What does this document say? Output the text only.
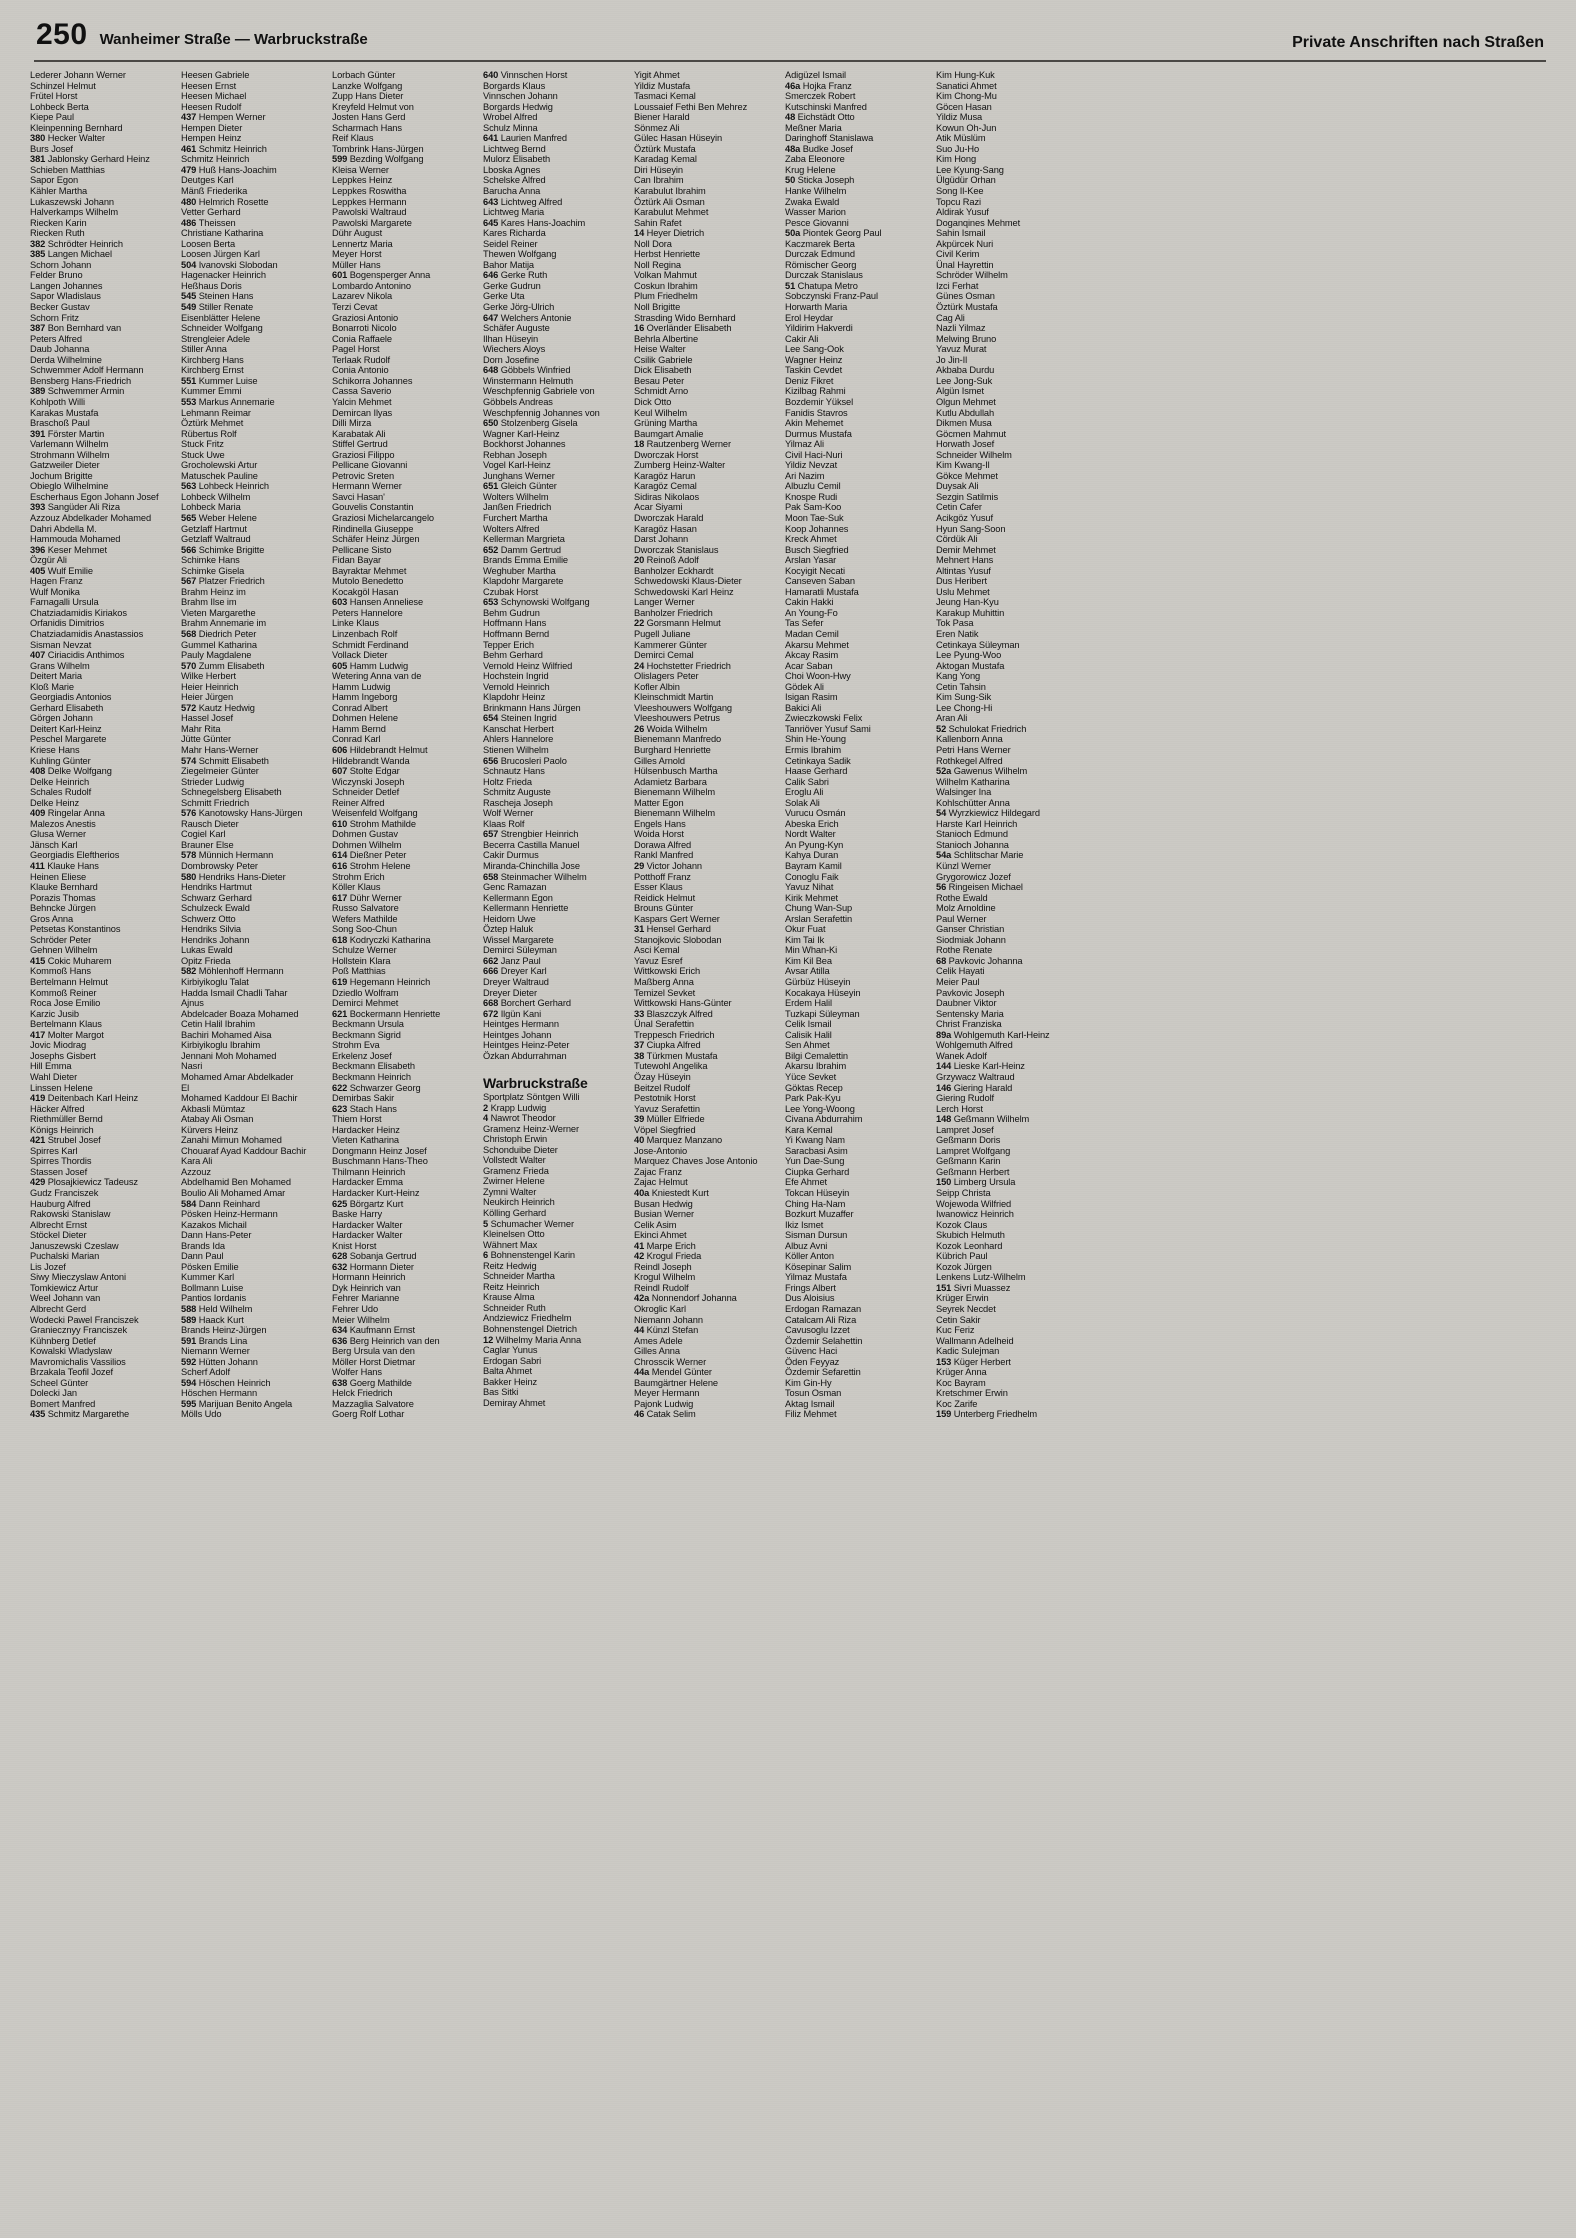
250 Wanheimer Straße — Warbruckstraße	Private Anschriften nach Straßen
Lederer Johann Werner
Schinzel Helmut
Frütel Horst
Lohbeck Berta
Kiepe Paul
Kleinpenning Bernhard
380 Hecker Walter
Burs Josef
381 Jablonsky Gerhard Heinz
Schieben Matthias
Sapor Egon
Kähler Martha
Lukaszewski Johann
Halverkamps Wilhelm
Riecken Karin
Riecken Ruth
382 Schrödter Heinrich
385 Langen Michael
Schorn Johann
Felder Bruno
Langen Johannes
Sapor Wladislaus
Becker Gustav
Schorn Fritz
387 Bon Bernhard van
Peters Alfred
Daub Johanna
Derda Wilhelmine
Schwemmer Adolf Hermann
Bensberg Hans-Friedrich
389 Schwemmer Armin
Kohlpoth Willi
Karakas Mustafa
Braschoß Paul
391 Förster Martin
Varlemann Wilhelm
Strohmann Wilhelm
Gatzweiler Dieter
Jochum Brigitte
Obieglo Wilhelmine
Escherhaus Egon Johann Josef
393 Sangüder Ali Riza
Azzouz Abdelkader Mohamed
Dahri Abdella M.
Hammouda Mohamed
396 Keser Mehmet
Özgür Ali
405 Wulf Emilie
Hagen Franz
Wulf Monika
Farnagalli Ursula
Chatziadamidis Kiriakos
Orfanidis Dimitrios
Chatziadamidis Anastassios
Sisman Nevzat
407 Ciriacidis Anthimos
Grans Wilhelm
Deitert Maria
Kloß Marie
Georgiadis Antonios
Gerhard Elisabeth
Görgen Johann
Deitert Karl-Heinz
Peschel Margarete
Kriese Hans
Kuhling Günter
408 Delke Wolfgang
Delke Heinrich
Schales Rudolf
Delke Heinz
409 Ringelar Anna
Malezos Anestis
Glusa Werner
Jänsch Karl
Georgiadis Eleftherios
411 Klauke Hans
Heinen Eliese
Klauke Bernhard
Porazis Thomas
Behncke Jürgen
Gros Anna
Petsetas Konstantinos
Schröder Peter
Gehnen Wilhelm
415 Cokic Muharem
Kommoß Hans
Bertelmann Helmut
Kommoß Reiner
Roca Jose Emilio
Karzic Jusib
Bertelmann Klaus
417 Molter Margot
Jovic Miodrag
Josephs Gisbert
Hill Emma
Wahl Dieter
Linssen Helene
419 Deitenbach Karl Heinz
Häcker Alfred
Riethmüller Bernd
Königs Heinrich
421 Strubel Josef
Spirres Karl
Spirres Thordis
Stassen Josef
429 Plosajkiewicz Tadeusz
Gudz Franciszek
Hauburg Alfred
Rakowski Stanislaw
Albrecht Ernst
Stöckel Dieter
Januszewski Czeslaw
Puchalski Marian
Lis Jozef
Siwy Mieczyslaw Antoni
Tomkiewicz Artur
Weel Johann van
Albrecht Gerd
Wodecki Pawel Franciszek
Graniecznyy Franciszek
Kühnberg Detlef
Kowalski Wladyslaw
Mavromichalis Vassilios
Brzakala Teofil Jozef
Scheel Günter
Dolecki Jan
Bomert Manfred
435 Schmitz Margarethe
Heesen Gabriele
Heesen Ernst
Heesen Michael
Heesen Rudolf
437 Hempen Werner
Hempen Dieter
Hempen Heinz
461 Schmitz Heinrich
Schmitz Heinrich
479 Huß Hans-Joachim
Deutges Karl
Mänß Friederika
480 Helmrich Rosette
Vetter Gerhard
486 Theissen
Christiane Katharina
Loosen Berta
Loosen Jürgen Karl
504 Ivanovski Slobodan
Hagenacker Heinrich
Heßhaus Doris
545 Steinen Hans
549 Stiller Renate
Eisenblätter Helene
Schneider Wolfgang
Strengleier Adele
Stiller Anna
Kirchberg Hans
Kirchberg Ernst
551 Kummer Luise
Kummer Emmi
553 Markus Annemarie
Lehmann Reimar
Öztürk Mehmet
Rübertus Rolf
Stuck Fritz
Stuck Uwe
Grocholewski Artur
Matuschek Pauline
563 Lohbeck Heinrich
Lohbeck Wilhelm
Lohbeck Maria
565 Weber Helene
Getzlaff Hartmut
Getzlaff Waltraud
566 Schimke Brigitte
Schimke Hans
Schimke Gisela
567 Platzer Friedrich
Brahm Heinz im
Brahm Ilse im
Vieten Margarethe
Brahm Annemarie im
568 Diedrich Peter
Gummel Katharina
Pauly Magdalene
570 Zumm Elisabeth
Wilke Herbert
Heier Heinrich
Heier Jürgen
572 Kautz Hedwig
Hassel Josef
Mahr Rita
Jütte Günter
Mahr Hans-Werner
574 Schmitt Elisabeth
Ziegelmeier Günter
Strieder Ludwig
Schnegelsberg Elisabeth
Schmitt Friedrich
576 Kanotowsky Hans-Jürgen
Rausch Dieter
Cogiel Karl
Brauner Else
578 Münnich Hermann
Dombrowsky Peter
580 Hendriks Hans-Dieter
Hendriks Hartmut
Schwarz Gerhard
Schulzeck Ewald
Schwerz Otto
Hendriks Silvia
Hendriks Johann
Lukas Ewald
Opitz Frieda
582 Möhlenhoff Hermann
Kirbiyikoglu Talat
Hadda Ismail Chadli Tahar
Ajnus
Abdelcader Boaza Mohamed
Cetin Halil Ibrahim
Bachiri Mohamed Aisa
Kirbiyikoglu Ibrahim
Jennani Moh Mohamed
Nasri
Mohamed Amar Abdelkader
El
Mohamed Kaddour El Bachir
Akbasli Mümtaz
Atabay Ali Osman
Kürvers Heinz
Zanahi Mimun Mohamed
Chouaraf Ayad Kaddour Bachir
Kara Ali
Azzouz
Abdelhamid Ben Mohamed
Boulio Ali Mohamed Amar
584 Dann Reinhard
Pösken Heinz-Hermann
Kazakos Michail
Dann Hans-Peter
Brands Ida
Dann Paul
Pösken Emilie
Kummer Karl
Bollmann Luise
Pantios Iordanis
588 Held Wilhelm
589 Haack Kurt
Brands Heinz-Jürgen
591 Brands Lina
Niemann Werner
592 Hütten Johann
Scherf Adolf
594 Höschen Heinrich
Höschen Hermann
595 Marijuan Benito Angela
Mölls Udo
Lorbach Günter
Lanzke Wolfgang
Zupp Hans Dieter
Kreyfeld Helmut von
Josten Hans Gerd
Scharmach Hans
Reif Klaus
Tombrink Hans-Jürgen
599 Bezding Wolfgang
Kleisa Werner
Leppkes Heinz
Leppkes Roswitha
Leppkes Hermann
Pawolski Waltraud
Pawolski Margarete
Dühr August
Lennertz Maria
Meyer Horst
Müller Hans
601 Bogensperger Anna
Lombardo Antonino
Lazarev Nikola
Terzi Cevat
Graziosi Antonio
Bonarroti Nicolo
Conia Raffaele
Pagel Horst
Terlaak Rudolf
Conia Antonio
Schikorra Johannes
Cassa Saverio
Yalcin Mehmet
Demircan Ilyas
Dilli Mirza
Karabatak Ali
Stiffel Gertrud
Graziosi Filippo
Pellicane Giovanni
Petrovic Sreten
Hermann Werner
Savci Hasan'
Gouvelis Constantin
Graziosi Michelarcangelo
Rindinella Giuseppe
Schäfer Heinz Jürgen
Pellicane Sisto
Fidan Bayar
Bayraktar Mehmet
Mutolo Benedetto
Kocakgöl Hasan
603 Hansen Anneliese
Peters Hannelore
Linke Klaus
Linzenbach Rolf
Schmidt Ferdinand
Vollack Dieter
605 Hamm Ludwig
Wetering Anna van de
Hamm Ludwig
Hamm Ingeborg
Conrad Albert
Dohmen Helene
Hamm Bernd
Conrad Karl
606 Hildebrandt Helmut
Hildebrandt Wanda
607 Stolte Edgar
Wiczynski Joseph
Schneider Detlef
Reiner Alfred
Weisenfeld Wolfgang
610 Strohm Mathilde
Dohmen Gustav
Dohmen Wilhelm
614 Dießner Peter
616 Strohm Helene
Strohm Erich
Köller Klaus
617 Dühr Werner
Russo Salvatore
Wefers Mathilde
Song Soo-Chun
618 Kodryczki Katharina
Schulze Werner
Hollstein Klara
Poß Matthias
619 Hegemann Heinrich
Dziedlo Wolfram
Demirci Mehmet
621 Bockermann Henriette
Beckmann Ursula
Beckmann Sigrid
Strohm Eva
Erkelenz Josef
Beckmann Elisabeth
Beckmann Heinrich
622 Schwarzer Georg
Demirbas Sakir
623 Stach Hans
Thiem Horst
Hardacker Heinz
Vieten Katharina
Dongmann Heinz Josef
Buschmann Hans-Theo
Thilmann Heinrich
Hardacker Emma
Hardacker Kurt-Heinz
625 Börgartz Kurt
Baske Harry
Hardacker Walter
Hardacker Walter
Knist Horst
628 Sobanja Gertrud
632 Hormann Dieter
Hormann Heinrich
Dyk Heinrich van
Fehrer Marianne
Fehrer Udo
Meier Wilhelm
634 Kaufmann Ernst
636 Berg Heinrich van den
Berg Ursula van den
Möller Horst Dietmar
Wolfer Hans
638 Goerg Mathilde
Helck Friedrich
Mazzaglia Salvatore
Goerg Rolf Lothar
640 Vinnschen Horst
Borgards Klaus
Vinnschen Johann
Borgards Hedwig
Wrobel Alfred
Schulz Minna
641 Laurien Manfred
Lichtweg Bernd
Mulorz Elisabeth
Lboska Agnes
Schelske Alfred
Barucha Anna
643 Lichtweg Alfred
Lichtweg Maria
645 Kares Hans-Joachim
Kares Richarda
Seidel Reiner
Thewen Wolfgang
Bahor Matija
646 Gerke Ruth
Gerke Gudrun
Gerke Uta
Gerke Jörg-Ulrich
647 Welchers Antonie
Schäfer Auguste
Ilhan Hüseyin
Wiechers Aloys
Dorn Josefine
648 Göbbels Winfried
Winstermann Helmuth
Weschpfennig Gabriele von
Göbbels Andreas
Weschpfennig Johannes von
650 Stolzenberg Gisela
Wagner Karl-Heinz
Bockhorst Johannes
Rebhan Joseph
Vogel Karl-Heinz
Junghans Werner
651 Gleich Günter
Wolters Wilhelm
Janßen Friedrich
Furchert Martha
Wolters Alfred
Kellerman Margrieta
652 Damm Gertrud
Brands Emma Emilie
Weghuber Martha
Klapdohr Margarete
Czubak Horst
653 Schynowski Wolfgang
Behm Gudrun
Hoffmann Hans
Hoffmann Bernd
Tepper Erich
Behm Gerhard
Vernold Heinz Wilfried
Hochstein Ingrid
Vernold Heinrich
Klapdohr Heinz
Brinkmann Hans Jürgen
654 Steinen Ingrid
Kanschat Herbert
Ahlers Hannelore
Stienen Wilhelm
656 Brucosleri Paolo
Schnautz Hans
Holtz Frieda
Schmitz Auguste
Rascheja Joseph
Wolf Werner
Klaas Rolf
657 Strengbier Heinrich
Becerra Castilla Manuel
Cakir Durmus
Miranda-Chinchilla Jose
658 Steinmacher Wilhelm
Genc Ramazan
Kellermann Egon
Kellermann Henriette
Heidorn Uwe
Öztep Haluk
Wissel Margarete
Demirci Süleyman
662 Janz Paul
666 Dreyer Karl
Dreyer Waltraud
Dreyer Dieter
668 Borchert Gerhard
672 Ilgün Kani
Heintges Hermann
Heintges Johann
Heintges Heinz-Peter
Özkan Abdurrahman
Warbruckstraße
Sportplatz Söntgen Willi
2 Krapp Ludwig
4 Nawrot Theodor
Gramenz Heinz-Werner
Christoph Erwin
Schonduibe Dieter
Vollstedt Walter
Gramenz Frieda
Zwirner Helene
Zymni Walter
Neukirch Heinrich
Kölling Gerhard
5 Schumacher Werner
Kleinelsen Otto
Wähnert Max
6 Bohnenstengel Karin
Reitz Hedwig
Schneider Martha
Reitz Heinrich
Krause Alma
Schneider Ruth
Andziewicz Friedhelm
Bohnenstengel Dietrich
12 Wilhelmy Maria Anna
Caglar Yunus
Erdogan Sabri
Balta Ahmet
Bakker Heinz
Bas Sitki
Demiray Ahmet
Yigit Ahmet
Yildiz Mustafa
Tasmaci Kemal
Loussaief Fethi Ben Mehrez
Biener Harald
Sönmez Ali
Gülec Hasan Hüseyin
Öztürk Mustafa
Karadag Kemal
Diri Hüseyin
Can Ibrahim
Karabulut Ibrahim
Öztürk Ali Osman
Karabulut Mehmet
Sahin Rafet
14 Heyer Dietrich
Noll Dora
Herbst Henriette
Noll Regina
Volkan Mahmut
Coskun Ibrahim
Plum Friedhelm
Noll Brigitte
Strasding Wido Bernhard
16 Overländer Elisabeth
Behrla Albertine
Heise Walter
Csilik Gabriele
Dick Elisabeth
Besau Peter
Schmidt Arno
Dick Otto
Keul Wilhelm
Grüning Martha
Baumgart Amalie
18 Rautzenberg Werner
Dworczak Horst
Zumberg Heinz-Walter
Karagöz Harun
Karagöz Cemal
Sidiras Nikolaos
Acar Siyami
Dworczak Harald
Karagöz Hasan
Darst Johann
Dworczak Stanislaus
20 Reinoß Adolf
Banholzer Eckhardt
Schwedowski Klaus-Dieter
Schwedowski Karl Heinz
Langer Werner
Banholzer Friedrich
22 Gorsmann Helmut
Pugell Juliane
Kammerer Günter
Demirci Cemal
24 Hochstetter Friedrich
Olislagers Peter
Kofler Albin
Kleinschmidt Martin
Vleeshouwers Wolfgang
Vleeshouwers Petrus
26 Woida Wilhelm
Bienemann Manfredo
Burghard Henriette
Gilles Arnold
Hülsenbusch Martha
Adamietz Barbara
Bienemann Wilhelm
Matter Egon
Bienemann Wilhelm
Engels Hans
Woida Horst
Dorawa Alfred
Rankl Manfred
29 Victor Johann
Potthoff Franz
Esser Klaus
Reidick Helmut
Brouns Günter
Kaspars Gert Werner
31 Hensel Gerhard
Stanojkovic Slobodan
Asci Kemal
Yavuz Esref
Wittkowski Erich
Maßberg Anna
Temizel Sevket
Wittkowski Hans-Günter
33 Blaszczyk Alfred
Ünal Serafettin
Treppesch Friedrich
37 Ciupka Alfred
38 Türkmen Mustafa
Tutewohl Angelika
Özay Hüseyin
Beitzel Rudolf
Pestotnik Horst
Yavuz Serafettin
39 Müller Elfriede
Vöpel Siegfried
40 Marquez Manzano
Jose-Antonio
Marquez Chaves Jose Antonio
Zajac Franz
Zajac Helmut
40a Kniestedt Kurt
Busan Hedwig
Busian Werner
Celik Asim
Ekinci Ahmet
41 Marpe Erich
42 Krogul Frieda
Reindl Joseph
Krogul Wilhelm
Reindl Rudolf
42a Nonnendorf Johanna
Okroglic Karl
Niemann Johann
44 Künzl Stefan
Ames Adele
Gilles Anna
Chrosscik Werner
44a Mendel Günter
Baumgärtner Helene
Meyer Hermann
Pajonk Ludwig
46 Catak Selim
Adigüzel Ismail
46a Hojka Franz
Smerczek Robert
Kutschinski Manfred
48 Eichstädt Otto
Meßner Maria
Daringhoff Stanislawa
48a Budke Josef
Zaba Eleonore
Krug Helene
50 Sticka Joseph
Hanke Wilhelm
Zwaka Ewald
Wasser Marion
Pesce Giovanni
50a Piontek Georg Paul
Kaczmarek Berta
Durczak Edmund
Römischer Georg
Durczak Stanislaus
51 Chatupa Metro
Sobczynski Franz-Paul
Horwarth Maria
Erol Heydar
Yildirim Hakverdi
Cakir Ali
Lee Sang-Ook
Wagner Heinz
Taskin Cevdet
Deniz Fikret
Kizilbag Rahmi
Bozdemir Yüksel
Fanidis Stavros
Akin Mehemet
Durmus Mustafa
Yilmaz Ali
Civil Haci-Nuri
Yildiz Nevzat
Ari Nazim
Albuzlu Cemil
Knospe Rudi
Pak Sam-Koo
Moon Tae-Suk
Koop Johannes
Kreck Ahmet
Busch Siegfried
Arslan Yasar
Kocyigit Necati
Canseven Saban
Hamaratli Mustafa
Cakin Hakki
An Young-Fo
Tas Sefer
Madan Cemil
Akarsu Mehmet
Akcay Rasim
Acar Saban
Choi Woon-Hwy
Gödek Ali
Isigan Rasim
Bakici Ali
Zwieczkowski Felix
Tanriöver Yusuf Sami
Shin He-Young
Ermis Ibrahim
Cetinkaya Sadik
Haase Gerhard
Calik Sabri
Eroglu Ali
Solak Ali
Vurucu Osmán
Abeska Erich
Nordt Walter
An Pyung-Kyn
Kahya Duran
Bayram Kamil
Conoglu Faik
Yavuz Nihat
Kirik Mehmet
Chung Wan-Sup
Arslan Serafettin
Okur Fuat
Kim Tai Ik
Min Whan-Ki
Kim Kil Bea
Avsar Atilla
Gürbüz Hüseyin
Kocakaya Hüseyin
Erdem Halil
Tuzkapi Süleyman
Celik Ismail
Calisik Halil
Sen Ahmet
Bilgi Cemalettin
Akarsu Ibrahim
Yüce Sevket
Göktas Recep
Park Pak-Kyu
Lee Yong-Woong
Civana Abdurrahim
Kara Kemal
Yi Kwang Nam
Saracbasi Asim
Yun Dae-Sung
Ciupka Gerhard
Efe Ahmet
Tokcan Hüseyin
Ching Ha-Nam
Bozkurt Muzaffer
Ikiz Ismet
Sisman Dursun
Albuz Avni
Köller Anton
Kösepinar Salim
Yilmaz Mustafa
Frings Albert
Dus Aloisius
Erdogan Ramazan
Catalcam Ali Riza
Cavusoglu Izzet
Özdemir Selahettin
Güvenc Haci
Öden Feyyaz
Özdemir Sefarettin
Kim Gin-Hy
Tosun Osman
Aktag Ismail
Filiz Mehmet
Kim Hung-Kuk
Sanatici Ahmet
Kim Chong-Mu
Göcen Hasan
Yildiz Musa
Kowun Oh-Jun
Atik Müslüm
Suo Ju-Ho
Kim Hong
Lee Kyung-Sang
Ülgüdür Orhan
Song Il-Kee
Topcu Razi
Aldirak Yusuf
Doganqines Mehmet
Sahin Ismail
Akpürcek Nuri
Civil Kerim
Ünal Hayrettin
Schröder Wilhelm
Izci Ferhat
Günes Osman
Öztürk Mustafa
Cag Ali
Nazli Yilmaz
Melwing Bruno
Yavuz Murat
Jo Jin-Il
Akbaba Durdu
Lee Jong-Suk
Algün Ismet
Olgun Mehmet
Kutlu Abdullah
Dikmen Musa
Göcmen Mahmut
Horwath Josef
Schneider Wilhelm
Kim Kwang-Il
Gökce Mehmet
Duysak Ali
Sezgin Satilmis
Cetin Cafer
Acikgöz Yusuf
Hyun Sang-Soon
Cördük Ali
Demir Mehmet
Mehnert Hans
Altintas Yusuf
Dus Heribert
Uslu Mehmet
Jeung Han-Kyu
Karakup Muhittin
Tok Pasa
Eren Natik
Cetinkaya Süleyman
Lee Pyung-Woo
Aktogan Mustafa
Kang Yong
Cetin Tahsin
Kim Sung-Sik
Lee Chong-Hi
Aran Ali
52 Schulokat Friedrich
Kallenborn Anna
Petri Hans Werner
Rothkegel Alfred
52a Gawenus Wilhelm
Wilhelm Katharina
Walsinger Ina
Kohlschütter Anna
54 Wyrzkiewicz Hildegard
Harste Karl Heinrich
Stanioch Edmund
Stanioch Johanna
54a Schlitschar Marie
Künzl Werner
Grygorowicz Jozef
56 Ringeisen Michael
Rothe Ewald
Molz Arnoldine
Paul Werner
Ganser Christian
Siodmiak Johann
Rothe Renate
68 Pavkovic Johanna
Celik Hayati
Meier Paul
Pavkovic Joseph
Daubner Viktor
Sentensky Maria
Christ Franziska
89a Wohlgemuth Karl-Heinz
Wohlgemuth Alfred
Wanek Adolf
144 Lieske Karl-Heinz
Grzywacz Waltraud
146 Giering Harald
Giering Rudolf
Lerch Horst
148 Geßmann Wilhelm
Lampret Josef
Geßmann Doris
Lampret Wolfgang
Geßmann Karin
Geßmann Herbert
150 Limberg Ursula
Seipp Christa
Wojewoda Wilfried
Iwanowicz Heinrich
Kozok Claus
Skubich Helmuth
Kozok Leonhard
Kübrich Paul
Kozok Jürgen
Lenkens Lutz-Wilhelm
151 Sivri Muassez
Krüger Erwin
Seyrek Necdet
Cetin Sakir
Kuc Feriz
Wallmann Adelheid
Kadic Sulejman
153 Küger Herbert
Krüger Anna
Koc Bayram
Kretschmer Erwin
Koc Zarife
159 Unterberg Friedhelm
